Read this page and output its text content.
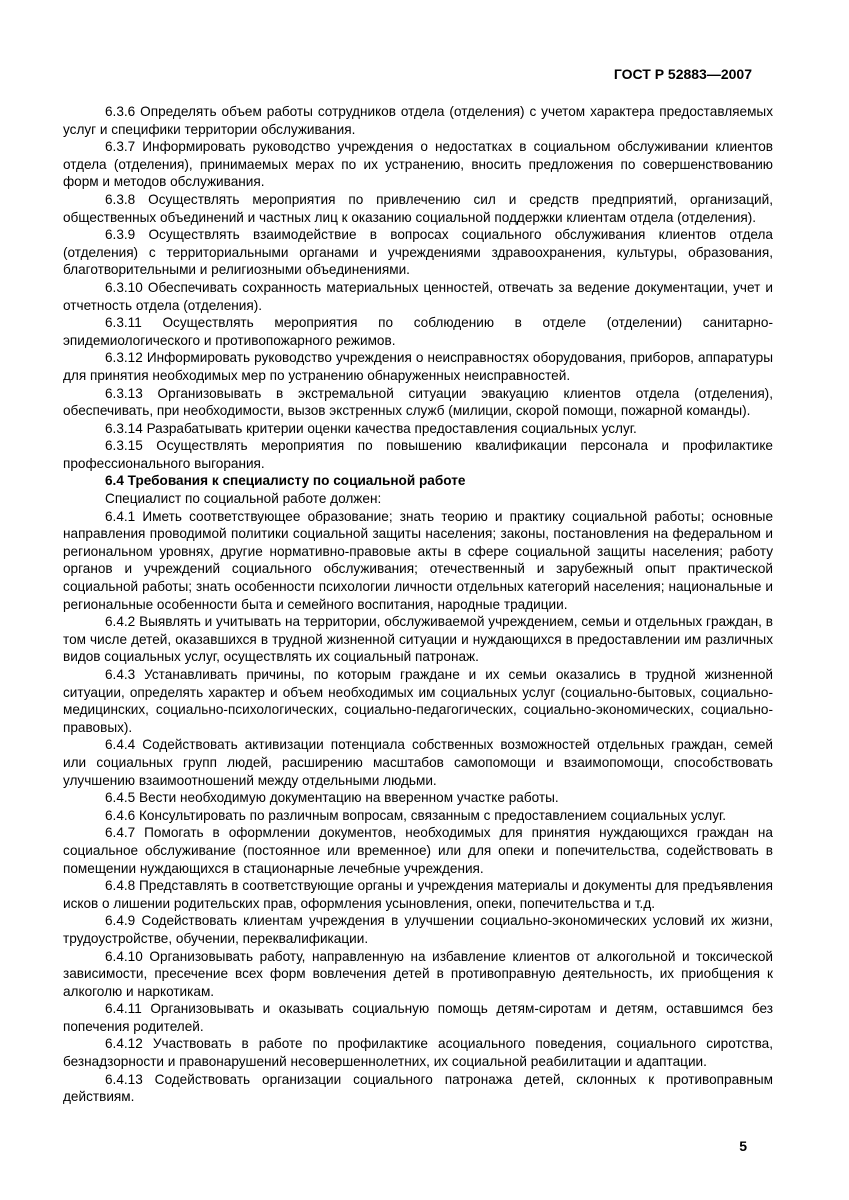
ГОСТ Р 52883—2007

6.3.6 Определять объем работы сотрудников отдела (отделения) с учетом характера предоставляемых услуг и специфики территории обслуживания.

6.3.7 Информировать руководство учреждения о недостатках в социальном обслуживании клиентов отдела (отделения), принимаемых мерах по их устранению, вносить предложения по совершенствованию форм и методов обслуживания.

6.3.8 Осуществлять мероприятия по привлечению сил и средств предприятий, организаций, общественных объединений и частных лиц к оказанию социальной поддержки клиентам отдела (отделения).

6.3.9 Осуществлять взаимодействие в вопросах социального обслуживания клиентов отдела (отделения) с территориальными органами и учреждениями здравоохранения, культуры, образования, благотворительными и религиозными объединениями.

6.3.10 Обеспечивать сохранность материальных ценностей, отвечать за ведение документации, учет и отчетность отдела (отделения).

6.3.11 Осуществлять мероприятия по соблюдению в отделе (отделении) санитарно-эпидемиологического и противопожарного режимов.

6.3.12 Информировать руководство учреждения о неисправностях оборудования, приборов, аппаратуры для принятия необходимых мер по устранению обнаруженных неисправностей.

6.3.13 Организовывать в экстремальной ситуации эвакуацию клиентов отдела (отделения), обеспечивать, при необходимости, вызов экстренных служб (милиции, скорой помощи, пожарной команды).

6.3.14 Разрабатывать критерии оценки качества предоставления социальных услуг.

6.3.15 Осуществлять мероприятия по повышению квалификации персонала и профилактике профессионального выгорания.

6.4 Требования к специалисту по социальной работе

Специалист по социальной работе должен:

6.4.1 Иметь соответствующее образование; знать теорию и практику социальной работы; основные направления проводимой политики социальной защиты населения; законы, постановления на федеральном и региональном уровнях, другие нормативно-правовые акты в сфере социальной защиты населения; работу органов и учреждений социального обслуживания; отечественный и зарубежный опыт практической социальной работы; знать особенности психологии личности отдельных категорий населения; национальные и региональные особенности быта и семейного воспитания, народные традиции.

6.4.2 Выявлять и учитывать на территории, обслуживаемой учреждением, семьи и отдельных граждан, в том числе детей, оказавшихся в трудной жизненной ситуации и нуждающихся в предоставлении им различных видов социальных услуг, осуществлять их социальный патронаж.

6.4.3 Устанавливать причины, по которым граждане и их семьи оказались в трудной жизненной ситуации, определять характер и объем необходимых им социальных услуг (социально-бытовых, социально-медицинских, социально-психологических, социально-педагогических, социально-экономических, социально-правовых).

6.4.4 Содействовать активизации потенциала собственных возможностей отдельных граждан, семей или социальных групп людей, расширению масштабов самопомощи и взаимопомощи, способствовать улучшению взаимоотношений между отдельными людьми.

6.4.5 Вести необходимую документацию на вверенном участке работы.

6.4.6 Консультировать по различным вопросам, связанным с предоставлением социальных услуг.

6.4.7 Помогать в оформлении документов, необходимых для принятия нуждающихся граждан на социальное обслуживание (постоянное или временное) или для опеки и попечительства, содействовать в помещении нуждающихся в стационарные лечебные учреждения.

6.4.8 Представлять в соответствующие органы и учреждения материалы и документы для предъявления исков о лишении родительских прав, оформления усыновления, опеки, попечительства и т.д.

6.4.9 Содействовать клиентам учреждения в улучшении социально-экономических условий их жизни, трудоустройстве, обучении, переквалификации.

6.4.10 Организовывать работу, направленную на избавление клиентов от алкогольной и токсической зависимости, пресечение всех форм вовлечения детей в противоправную деятельность, их приобщения к алкоголю и наркотикам.

6.4.11 Организовывать и оказывать социальную помощь детям-сиротам и детям, оставшимся без попечения родителей.

6.4.12 Участвовать в работе по профилактике асоциального поведения, социального сиротства, безнадзорности и правонарушений несовершеннолетних, их социальной реабилитации и адаптации.

6.4.13 Содействовать организации социального патронажа детей, склонных к противоправным действиям.

5
